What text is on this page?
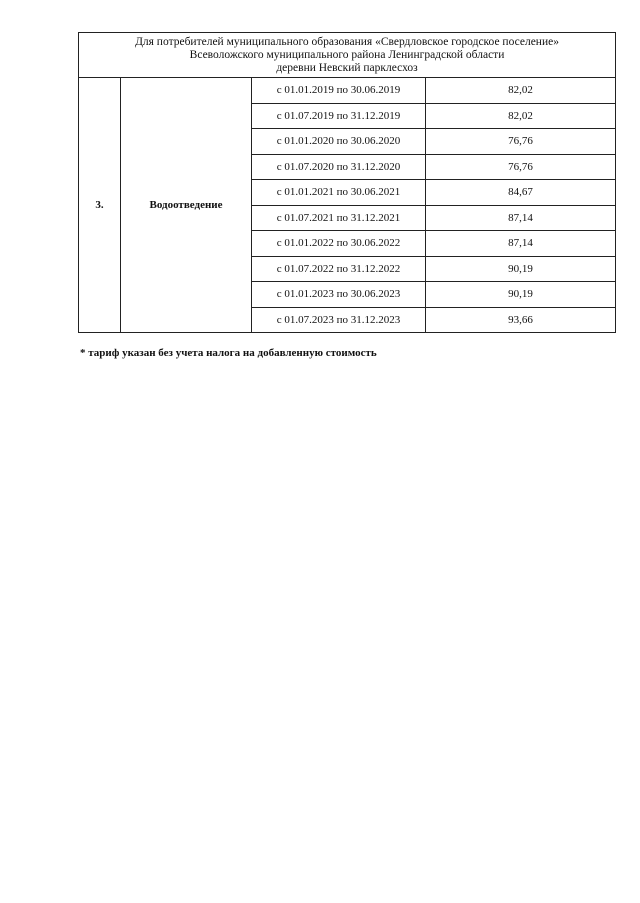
Для потребителей муниципального образования «Свердловское городское поселение»
Всеволожского муниципального района Ленинградской области
деревни Невский парклесхоз			

3.	Водоотведение	с 01.01.2019 по 30.06.2019	82,02
		с 01.07.2019 по 31.12.2019	82,02
		с 01.01.2020 по 30.06.2020	76,76
		с 01.07.2020 по 31.12.2020	76,76
		с 01.01.2021 по 30.06.2021	84,67
		с 01.07.2021 по 31.12.2021	87,14
		с 01.01.2022 по 30.06.2022	87,14
		с 01.07.2022 по 31.12.2022	90,19
		с 01.01.2023 по 30.06.2023	90,19
		с 01.07.2023 по 31.12.2023	93,66
* тариф указан без учета налога на добавленную стоимость
